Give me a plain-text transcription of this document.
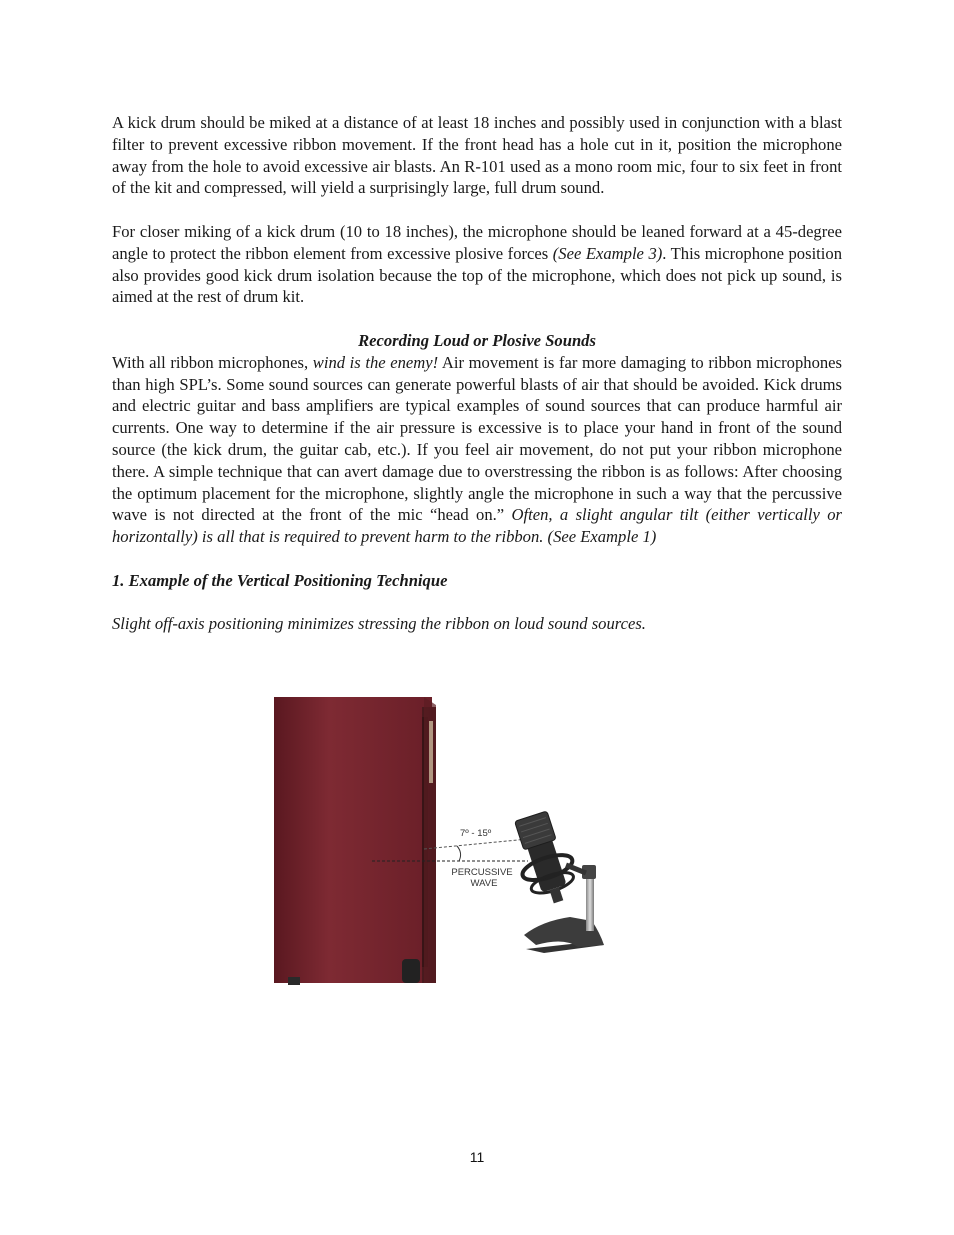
A kick drum should be miked at a distance of at least 18 inches and possibly used in conjunction with a blast filter to prevent excessive ribbon movement. If the front head has a hole cut in it, position the microphone away from the hole to avoid excessive air blasts. An R-101 used as a mono room mic, four to six feet in front of the kit and compressed, will yield a surprisingly large, full drum sound.

For closer miking of a kick drum (10 to 18 inches), the microphone should be leaned forward at a 45-degree angle to protect the ribbon element from excessive plosive forces (See Example 3). This microphone position also provides good kick drum isolation because the top of the microphone, which does not pick up sound, is aimed at the rest of drum kit.

Recording Loud or Plosive Sounds

With all ribbon microphones, wind is the enemy! Air movement is far more damaging to ribbon microphones than high SPL’s. Some sound sources can generate powerful blasts of air that should be avoided. Kick drums and electric guitar and bass amplifiers are typical examples of sound sources that can produce harmful air currents. One way to determine if the air pressure is excessive is to place your hand in front of the sound source (the kick drum, the guitar cab, etc.). If you feel air movement, do not put your ribbon microphone there. A simple technique that can avert damage due to overstressing the ribbon is as follows: After choosing the optimum placement for the microphone, slightly angle the microphone in such a way that the percussive wave is not directed at the front of the mic “head on.” Often, a slight angular tilt (either vertically or horizontally) is all that is required to prevent harm to the ribbon. (See Example 1)

1. Example of the Vertical Positioning Technique

Slight off-axis positioning minimizes stressing the ribbon on loud sound sources.

7º - 15º
PERCUSSIVE
WAVE
11
